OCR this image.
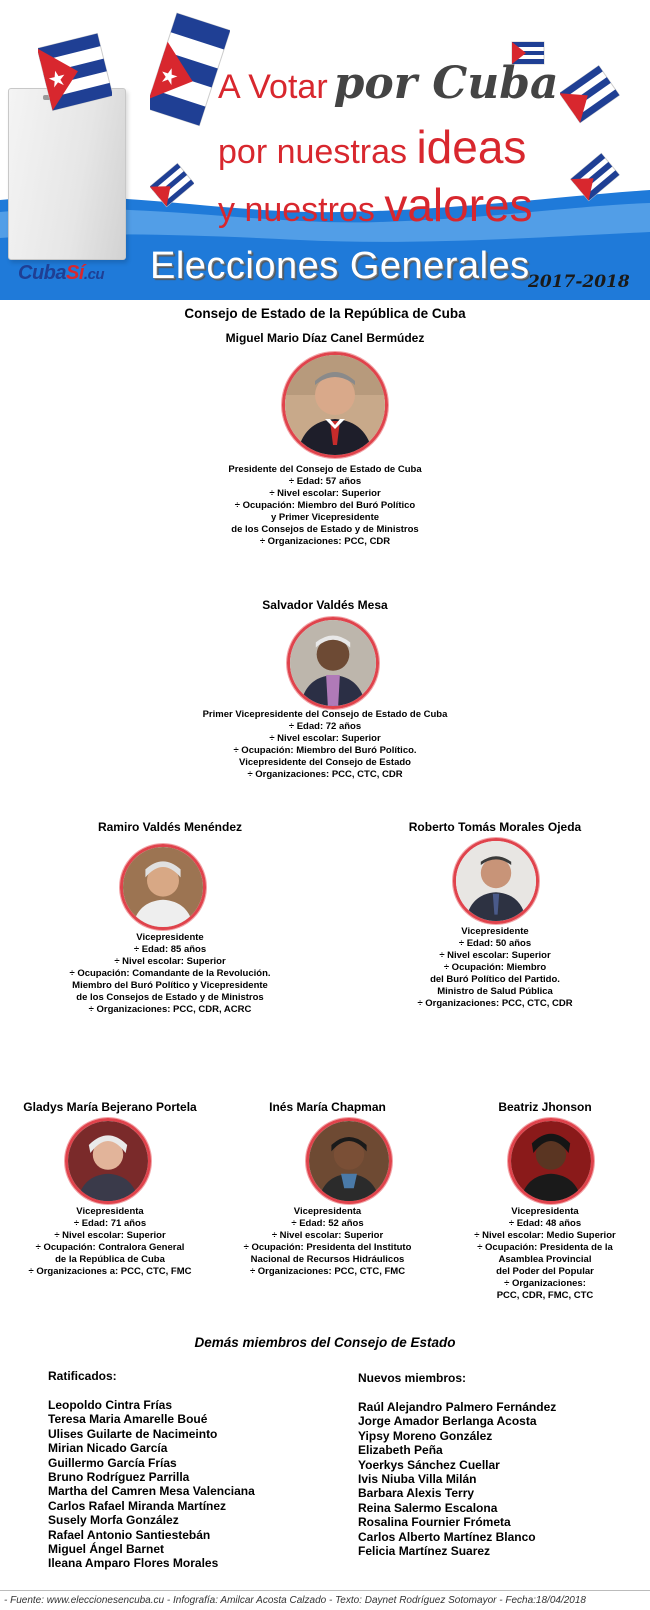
A Votar por Cuba
por nuestras ideas
y nuestros valores
CubaSí.cu Elecciones Generales
2017-2018
Consejo de Estado de la República de Cuba
Miguel Mario Díaz Canel Bermúdez
Presidente del Consejo de Estado de Cuba
÷ Edad: 57 años
÷ Nivel escolar: Superior
÷ Ocupación: Miembro del Buró Político
y Primer Vicepresidente
de los Consejos de Estado y de Ministros
÷ Organizaciones: PCC, CDR
Salvador Valdés Mesa
Primer Vicepresidente del Consejo de Estado de Cuba
÷ Edad: 72 años
÷ Nivel escolar: Superior
÷ Ocupación: Miembro del Buró Político.
Vicepresidente del Consejo de Estado
÷ Organizaciones: PCC, CTC, CDR
Ramiro Valdés Menéndez
Vicepresidente
÷ Edad: 85 años
÷ Nivel escolar: Superior
÷ Ocupación: Comandante de la Revolución.
Miembro del Buró Político y Vicepresidente
de los Consejos de Estado y de Ministros
÷ Organizaciones: PCC, CDR, ACRC
Roberto Tomás Morales Ojeda
Vicepresidente
÷ Edad: 50 años
÷ Nivel escolar: Superior
÷ Ocupación: Miembro
del Buró Político del Partido.
Ministro de Salud Pública
÷ Organizaciones: PCC, CTC, CDR
Gladys María Bejerano Portela
Vicepresidenta
÷ Edad: 71 años
÷ Nivel escolar: Superior
÷ Ocupación: Contralora General
de la República de Cuba
÷ Organizaciones a: PCC, CTC, FMC
Inés María Chapman
Vicepresidenta
÷ Edad: 52 años
÷ Nivel escolar: Superior
÷ Ocupación: Presidenta del Instituto
Nacional de Recursos Hidráulicos
÷ Organizaciones: PCC, CTC, FMC
Beatriz Jhonson
Vicepresidenta
÷ Edad: 48 años
÷ Nivel escolar: Medio Superior
÷ Ocupación: Presidenta de la
Asamblea Provincial
del Poder del Popular
÷ Organizaciones:
PCC, CDR, FMC, CTC
Demás miembros del Consejo de Estado
Ratificados:
Leopoldo Cintra Frías
Teresa Maria Amarelle Boué
Ulises Guilarte de Nacimeinto
Mirian Nicado García
Guillermo García Frías
Bruno Rodríguez Parrilla
Martha del Camren Mesa Valenciana
Carlos Rafael Miranda Martínez
Susely Morfa González
Rafael Antonio Santiestebán
Miguel Ángel Barnet
Ileana Amparo Flores Morales
Nuevos miembros:
Raúl Alejandro Palmero Fernández
Jorge Amador Berlanga Acosta
Yipsy Moreno González
Elizabeth Peña
Yoerkys Sánchez Cuellar
Ivis Niuba Villa Milán
Barbara Alexis Terry
Reina Salermo Escalona
Rosalina Fournier Frómeta
Carlos Alberto Martínez Blanco
Felicia Martínez Suarez
- Fuente: www.eleccionesencuba.cu - Infografía: Amilcar Acosta Calzado - Texto: Daynet Rodríguez Sotomayor - Fecha:18/04/2018
